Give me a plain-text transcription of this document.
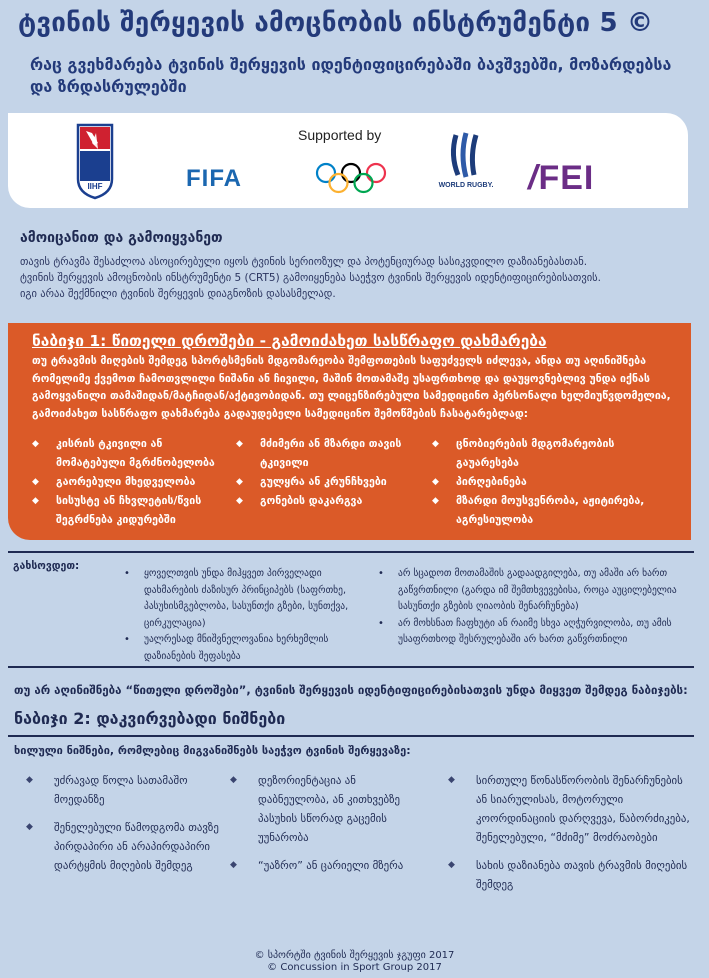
ტვინის შერყევის ამოცნობის ინსტრუმენტი 5 ©
რაც გვეხმარება ტვინის შერყევის იდენტიფიცირებაში ბავშვებში, მოზარდებსა და ზრდასრულებში
Supported by
IIHF	FIFA	WORLD RUGBY. /FEI
ამოიცანით და გამოიყვანეთ
თავის ტრავმა შესაძლოა ასოცირებული იყოს ტვინის სერიოზულ და პოტენციურად სასიკვდილო დაზიანებასთან.
ტვინის შერყევის ამოცნობის ინსტრუმენტი 5 (CRT5) გამოიყენება საეჭვო ტვინის შერყევის იდენტიფიცირებისათვის.
იგი არაა შექმნილი ტვინის შერყევის დიაგნოზის დასასმელად.
ნაბიჯი 1: წითელი დროშები - გამოიძახეთ სასწრაფო დახმარება
თუ ტრავმის მიღების შემდეგ სპორტსმენის მდგომარეობა შემფოთების საფუძველს იძლევა, ანდა თუ აღინიშნება რომელიმე ქვემოთ ჩამოთვლილი ნიშანი ან ჩივილი, მაშინ მოთამაშე უსაფრთხოდ და დაუყოვნებლივ უნდა იქნას გამოყვანილი თამაშიდან/მატჩიდან/აქტივობიდან. თუ ლიცენზირებული სამედიცინო პერსონალი ხელმიუწვდომელია, გამოიძახეთ სასწრაფო დახმარება გადაუდებელი სამედიცინო შემოწმების ჩასატარებლად:
◆ კისრის ტკივილი ან მომატებული მგრძნობელობა
◆ გაორებული მხედველობა
◆ სისუსტე ან ჩხვლეტის/წვის შეგრძნება კიდურებში
◆ მძიმერი ან მზარდი თავის ტკივილი
◆ გულყრა ან კრუნჩხვები
◆ გონების დაკარგვა
◆ ცნობიერების მდგომარეობის გაუარესება
◆ პირღებინება
◆ მზარდი მოუსვენრობა, აჟიტირება, აგრესიულობა
გახსოვდეთ:
• ყოველთვის უნდა მიჰყვეთ პირველადი დახმარების ძაზისურ პრინციპებს (საფრთხე, პასუხისმგებლობა, სასუნთქი გზები, სუნთქვა, ცირკულაცია)
• უალრესად მნიშვნელოვანია ხერხემლის დაზიანების შეფასება
• არ სცადოთ მოთამაშის გადაადგილება, თუ ამაში არ ხართ გაწვრთნილი (გარდა იმ შემთხვევებისა, როცა აუცილებელია სასუნთქი გზების ღიაობის შენარჩუნება)
• არ მოხსნათ ჩაფხუტი ან რაიმე სხვა აღჭურვილობა, თუ ამის უსაფრთხოდ შესრულებაში არ ხართ გაწვრთნილი
თუ არ აღინიშნება “წითელი დროშები”, ტვინის შერყევის იდენტიფიცირებისათვის უნდა მიყვეთ შემდეგ ნაბიჯებს:
ნაბიჯი 2: დაკვირვებადი ნიშნები
ხილული ნიშნები, რომლებიც მიგვანიშნებს საეჭვო ტვინის შერყევაზე:
◆ უძრავად წოლა სათამაშო მოედანზე
◆ შენელებული წამოდგომა თავზე პირდაპირი ან არაპირდაპირი დარტყმის მიღების შემდეგ
◆ დეზორიენტაცია ან დაბნეულობა, ან კითხვებზე პასუხის სწორად გაცემის უუნარობა
◆ “უაზრო” ან ცარიელი მზერა
◆ სირთულე წონასწორობის შენარჩუნების ან სიარულისას, მოტორული კოორდინაციის დარღვევა, წაბორძიკება, შენელებული, “მძიმე” მოძრაობები
◆ სახის დაზიანება თავის ტრავმის მიღების შემდეგ
© სპორტში ტვინის შერყევის ჯგუფი 2017
© Concussion in Sport Group 2017
